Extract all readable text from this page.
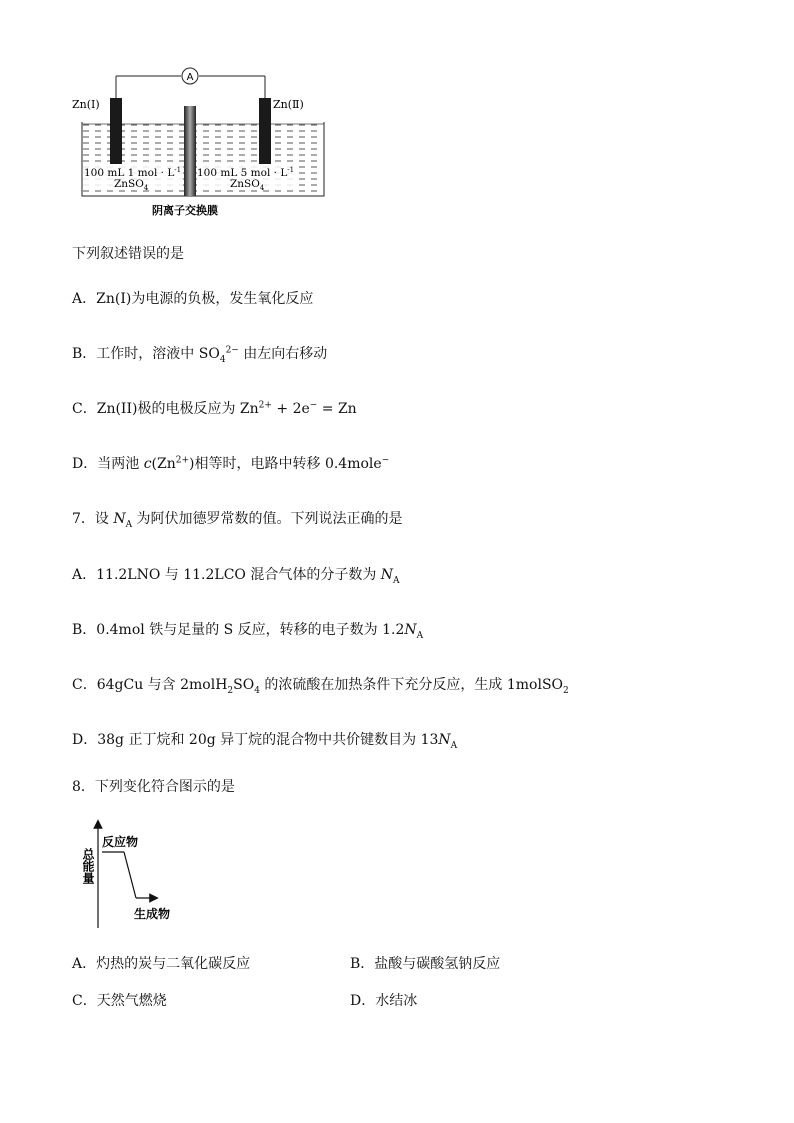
A
Zn(Ⅰ)	Zn(Ⅱ)
100 mL 1 mol · $L^{-1}$
ZnSO$_4$
100 mL 5 mol · $L^{-1}$
ZnSO$_4$
阴离子交换膜
下列叙述错误的是
A．Zn(I)为电源的负极，发生氧化反应
B．工作时，溶液中 $SO_4^{2-}$ 由左向右移动
C．Zn(II)极的电极反应为 $Zn^{2+} + 2e^- = Zn$
D．当两池 $c(Zn^{2+})$相等时，电路中转移 0.4mole−
7．设 $N_A$ 为阿伏加德罗常数的值。下列说法正确的是
A．11.2LNO 与 11.2LCO 混合气体的分子数为 $N_A$
B．0.4mol 铁与足量的 S 反应，转移的电子数为 $1.2N_A$
C．64gCu 与含 $2molH_2SO_4$ 的浓硫酸在加热条件下充分反应，生成 1molSO$_2$
D．38g 正丁烷和 20g 异丁烷的混合物中共价键数目为 $13N_A$
8．下列变化符合图示的是
总能量
反应物
生成物
A．灼热的炭与二氧化碳反应	B．盐酸与碳酸氢钠反应
C．天然气燃烧	D．水结冰
